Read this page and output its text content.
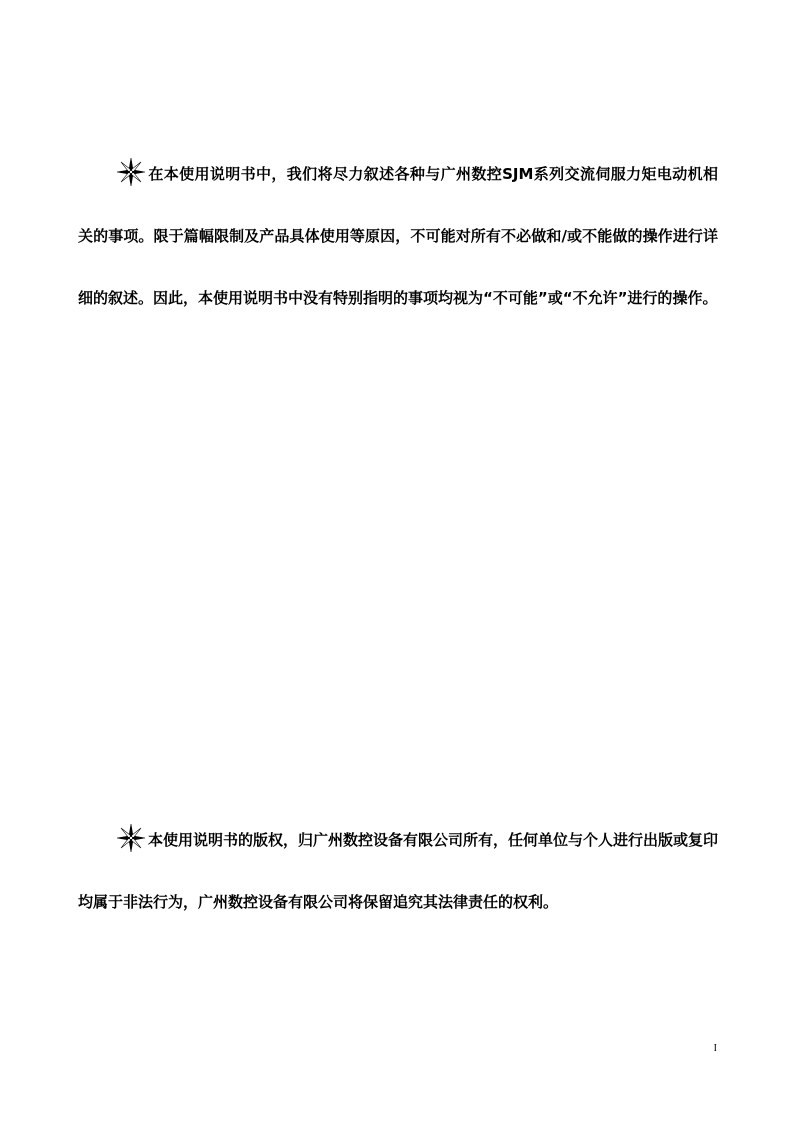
在本使用说明书中，我们将尽力叙述各种与广州数控SJM系列交流伺服力矩电动机相关的事项。限于篇幅限制及产品具体使用等原因，不可能对所有不必做和/或不能做的操作进行详细的叙述。因此，本使用说明书中没有特别指明的事项均视为“不可能”或“不允许”进行的操作。

本使用说明书的版权，归广州数控设备有限公司所有，任何单位与个人进行出版或复印均属于非法行为，广州数控设备有限公司将保留追究其法律责任的权利。

I
